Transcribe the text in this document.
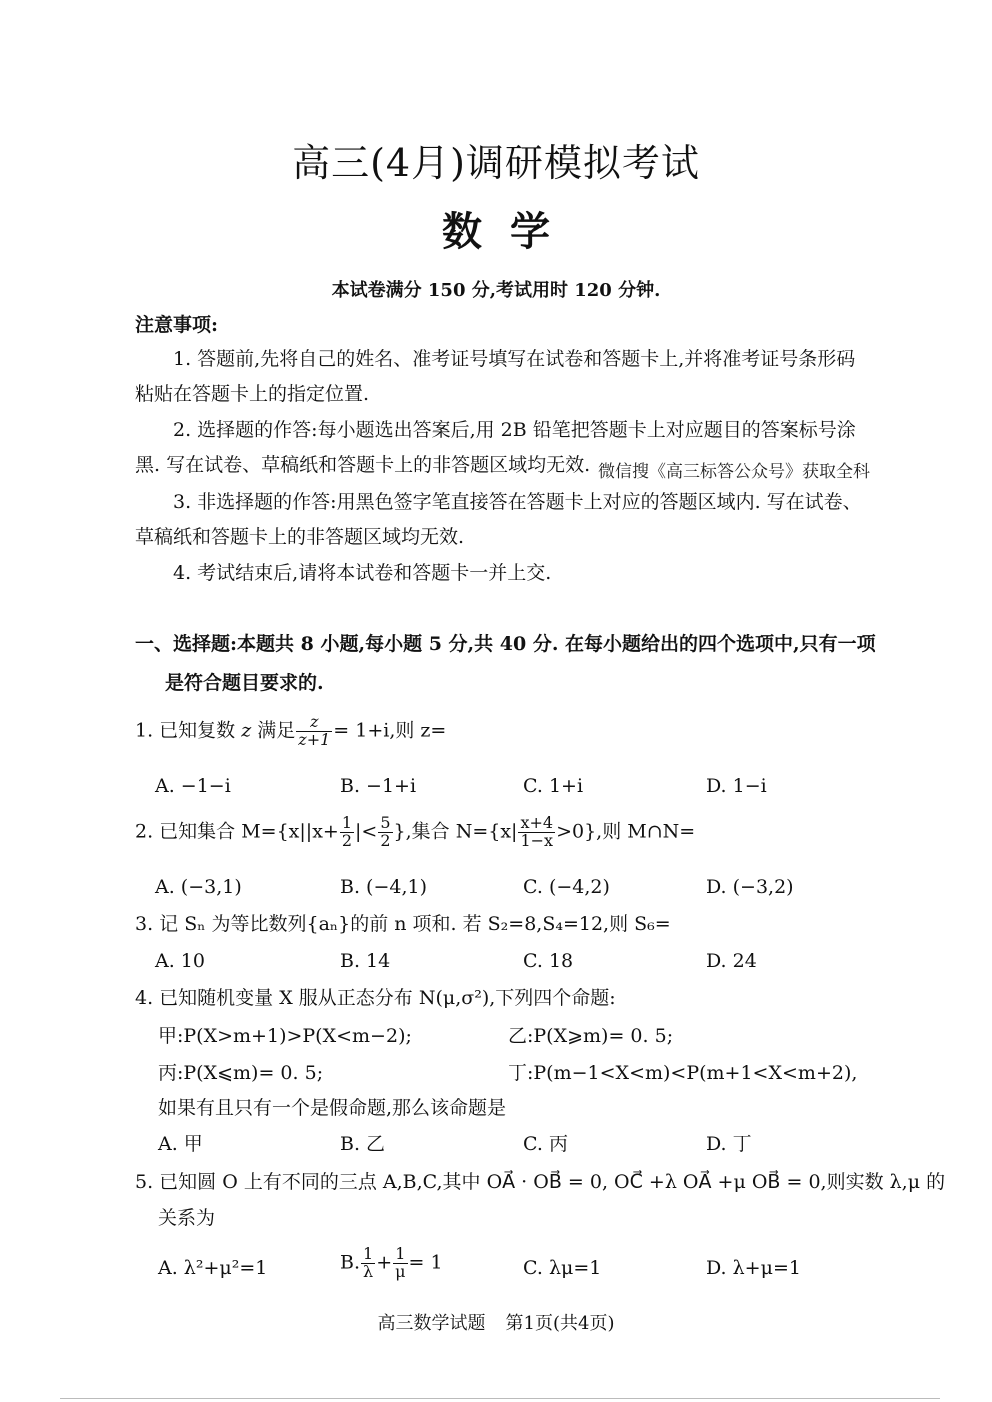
高三(4月)调研模拟考试
数学
本试卷满分 150 分,考试用时 120 分钟.
注意事项:
1. 答题前,先将自己的姓名、准考证号填写在试卷和答题卡上,并将准考证号条形码
粘贴在答题卡上的指定位置.
2. 选择题的作答:每小题选出答案后,用 2B 铅笔把答题卡上对应题目的答案标号涂
黑. 写在试卷、草稿纸和答题卡上的非答题区域均无效. 微信搜《高三标答公众号》获取全科
3. 非选择题的作答:用黑色签字笔直接答在答题卡上对应的答题区域内. 写在试卷、
草稿纸和答题卡上的非答题区域均无效.
4. 考试结束后,请将本试卷和答题卡一并上交.
一、选择题:本题共 8 小题,每小题 5 分,共 40 分. 在每小题给出的四个选项中,只有一项
是符合题目要求的.
1. 已知复数 z 满足 $\frac{z}{z+1} = 1+i$,则 z=
A. −1−i	B. −1+i	C. 1+i	D. 1−i
2. 已知集合 $M=\{x||x+ \frac{1}{2}$ |< $\frac{5}{2}$ },集合 $N=\{x| \frac{x+4}{1-x} >0\}$,则 M∩N=
A. (−3,1)	B. (−4,1)	C. (−4,2)	D. (−3,2)
3. 记 Sₙ 为等比数列{aₙ}的前 n 项和. 若 S₂=8,S₄=12,则 S₆=
A. 10	B. 14	C. 18	D. 24
4. 已知随机变量 X 服从正态分布 N(μ,σ²),下列四个命题:
甲:P(X>m+1)>P(X<m−2);	乙:P(X⩾m)= 0. 5;
丙:P(X⩽m)= 0. 5;	丁:P(m−1<X<m)<P(m+1<X<m+2),
如果有且只有一个是假命题,那么该命题是
A. 甲	B. 乙	C. 丙	D. 丁
5. 已知圆 O 上有不同的三点 A,B,C,其中 OA⃗ · OB⃗ = 0, OC⃗ +λ OA⃗ +μ OB⃗ = 0,则实数 λ,μ 的
关系为
A. λ²+μ²=1	B. $\frac{1}{\lambda} + \frac{1}{\mu} = 1$	C. λμ=1	D. λ+μ=1
高三数学试题 第1页(共4页)
